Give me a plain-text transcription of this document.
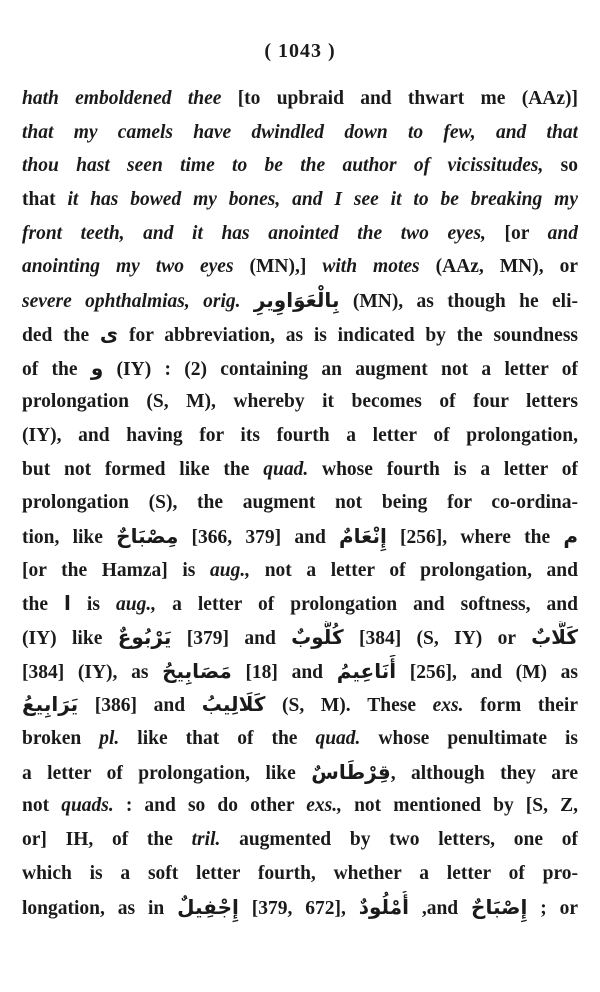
( 1043 )
hath emboldened thee [to upbraid and thwart me (AAz)]
that my camels have dwindled down to few, and that
thou hast seen time to be the author of vicissitudes, so
that it has bowed my bones, and I see it to be breaking my
front teeth, and it has anointed the two eyes, [or and
anointing my two eyes (MN),] with motes (AAz, MN), or
severe ophthalmias, orig. بِالْعَوَاوِيرِ (MN), as though he eli-
ded the ى for abbreviation, as is indicated by the soundness
of the و (IY) : (2) containing an augment not a letter of
prolongation (S, M), whereby it becomes of four letters
(IY), and having for its fourth a letter of prolongation,
but not formed like the quad. whose fourth is a letter of
prolongation (S), the augment not being for co-ordina-
tion, like مِصْبَاحٌ [366, 379] and إِنْعَامٌ [256], where the م
[or the Hamza] is aug., not a letter of prolongation, and
the ا is aug., a letter of prolongation and softness, and
(IY) like يَرْبُوعٌ [379] and كُلُّوبٌ [384] (S, IY) or كَلَّابٌ
[384] (IY), as مَصَابِيحُ [18] and أَنَاعِيمُ [256], and (M) as
يَرَابِيعُ [386] and كَلَالِيبُ (S, M). These exs. form their
broken pl. like that of the quad. whose penultimate is
a letter of prolongation, like قِرْطَاسٌ, although they are
not quads. : and so do other exs., not mentioned by [S, Z,
or] IH, of the tril. augmented by two letters, one of
which is a soft letter fourth, whether a letter of pro-
longation, as in إِجْفِيلٌ [379, 672], أُمْلُودٌ ,and إِصْبَاحٌ ; or
